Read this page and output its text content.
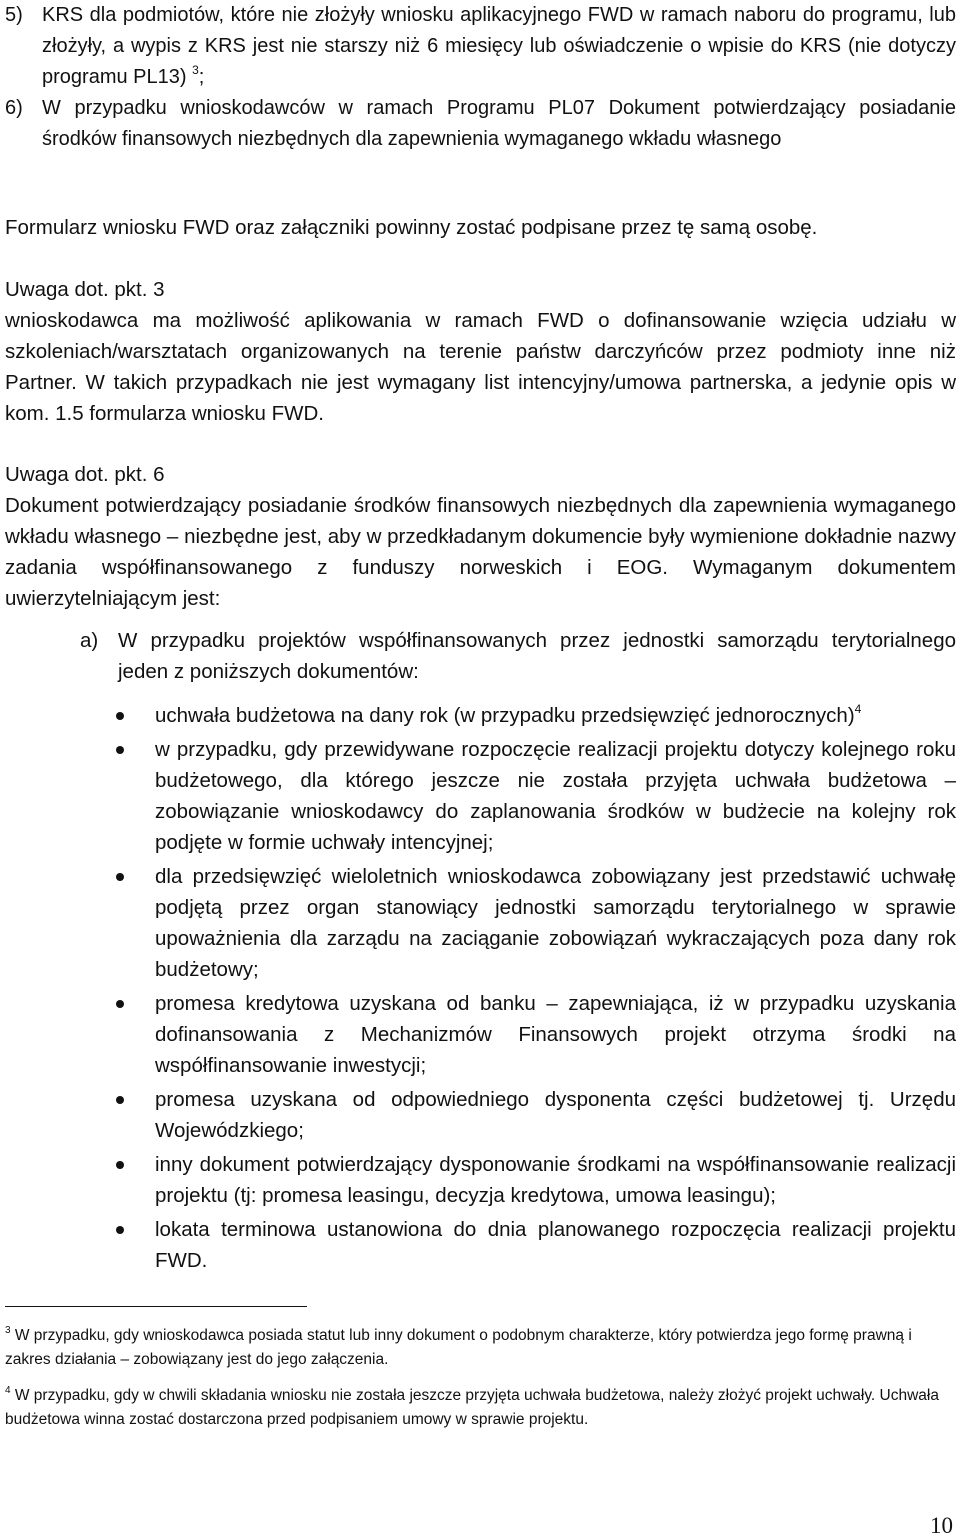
5) KRS dla podmiotów, które nie złożyły wniosku aplikacyjnego FWD w ramach naboru do programu, lub złożyły, a wypis z KRS jest nie starszy niż 6 miesięcy lub oświadczenie o wpisie do KRS (nie dotyczy programu PL13) $^3$;

6) W przypadku wnioskodawców w ramach Programu PL07 Dokument potwierdzający posiadanie środków finansowych niezbędnych dla zapewnienia wymaganego wkładu własnego

Formularz wniosku FWD oraz załączniki powinny zostać podpisane przez tę samą osobę.

Uwaga dot. pkt. 3

wnioskodawca ma możliwość aplikowania w ramach FWD o dofinansowanie wzięcia udziału w szkoleniach/warsztatach organizowanych na terenie państw darczyńców przez podmioty inne niż Partner. W takich przypadkach nie jest wymagany list intencyjny/umowa partnerska, a jedynie opis w kom. 1.5 formularza wniosku FWD.

Uwaga dot. pkt. 6

Dokument potwierdzający posiadanie środków finansowych niezbędnych dla zapewnienia wymaganego wkładu własnego – niezbędne jest, aby w przedkładanym dokumencie były wymienione dokładnie nazwy zadania współfinansowanego z funduszy norweskich i EOG. Wymaganym dokumentem uwierzytelniającym jest:

a) W przypadku projektów współfinansowanych przez jednostki samorządu terytorialnego jeden z poniższych dokumentów:

uchwała budżetowa na dany rok (w przypadku przedsięwzięć jednorocznych)$^4$
w przypadku, gdy przewidywane rozpoczęcie realizacji projektu dotyczy kolejnego roku budżetowego, dla którego jeszcze nie została przyjęta uchwała budżetowa – zobowiązanie wnioskodawcy do zaplanowania środków w budżecie na kolejny rok podjęte w formie uchwały intencyjnej;
dla przedsięwzięć wieloletnich wnioskodawca zobowiązany jest przedstawić uchwałę podjętą przez organ stanowiący jednostki samorządu terytorialnego w sprawie upoważnienia dla zarządu na zaciąganie zobowiązań wykraczających poza dany rok budżetowy;
promesa kredytowa uzyskana od banku – zapewniająca, iż w przypadku uzyskania dofinansowania z Mechanizmów Finansowych projekt otrzyma środki na współfinansowanie inwestycji;
promesa uzyskana od odpowiedniego dysponenta części budżetowej tj. Urzędu Wojewódzkiego;
inny dokument potwierdzający dysponowanie środkami na współfinansowanie realizacji projektu (tj: promesa leasingu, decyzja kredytowa, umowa leasingu);
lokata terminowa ustanowiona do dnia planowanego rozpoczęcia realizacji projektu FWD.

$^3$ W przypadku, gdy wnioskodawca posiada statut lub inny dokument o podobnym charakterze, który potwierdza jego formę prawną i zakres działania – zobowiązany jest do jego załączenia.

$^4$ W przypadku, gdy w chwili składania wniosku nie została jeszcze przyjęta uchwała budżetowa, należy złożyć projekt uchwały. Uchwała budżetowa winna zostać dostarczona przed podpisaniem umowy w sprawie projektu.

10
